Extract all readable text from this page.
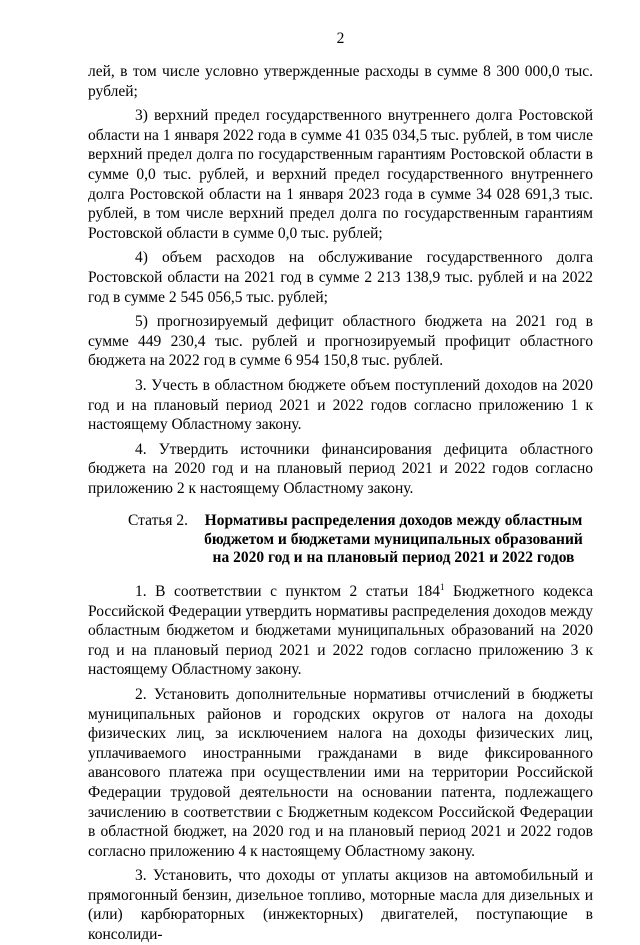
2

лей, в том числе условно утвержденные расходы в сумме 8 300 000,0 тыс. рублей;

3) верхний предел государственного внутреннего долга Ростовской области на 1 января 2022 года в сумме 41 035 034,5 тыс. рублей, в том числе верхний предел долга по государственным гарантиям Ростовской области в сумме 0,0 тыс. рублей, и верхний предел государственного внутреннего долга Ростовской области на 1 января 2023 года в сумме 34 028 691,3 тыс. рублей, в том числе верхний предел долга по государственным гарантиям Ростовской области в сумме 0,0 тыс. рублей;

4) объем расходов на обслуживание государственного долга Ростовской области на 2021 год в сумме 2 213 138,9 тыс. рублей и на 2022 год в сумме 2 545 056,5 тыс. рублей;

5) прогнозируемый дефицит областного бюджета на 2021 год в сумме 449 230,4 тыс. рублей и прогнозируемый профицит областного бюджета на 2022 год в сумме 6 954 150,8 тыс. рублей.

3. Учесть в областном бюджете объем поступлений доходов на 2020 год и на плановый период 2021 и 2022 годов согласно приложению 1 к настоящему Областному закону.

4. Утвердить источники финансирования дефицита областного бюджета на 2020 год и на плановый период 2021 и 2022 годов согласно приложению 2 к настоящему Областному закону.

Статья 2.	Нормативы распределения доходов между областным бюджетом и бюджетами муниципальных образований на 2020 год и на плановый период 2021 и 2022 годов

1. В соответствии с пунктом 2 статьи $184^1$ Бюджетного кодекса Российской Федерации утвердить нормативы распределения доходов между областным бюджетом и бюджетами муниципальных образований на 2020 год и на плановый период 2021 и 2022 годов согласно приложению 3 к настоящему Областному закону.

2. Установить дополнительные нормативы отчислений в бюджеты муниципальных районов и городских округов от налога на доходы физических лиц, за исключением налога на доходы физических лиц, уплачиваемого иностранными гражданами в виде фиксированного авансового платежа при осуществлении ими на территории Российской Федерации трудовой деятельности на основании патента, подлежащего зачислению в соответствии с Бюджетным кодексом Российской Федерации в областной бюджет, на 2020 год и на плановый период 2021 и 2022 годов согласно приложению 4 к настоящему Областному закону.

3. Установить, что доходы от уплаты акцизов на автомобильный и прямогонный бензин, дизельное топливо, моторные масла для дизельных и (или) карбюраторных (инжекторных) двигателей, поступающие в консолиди-
